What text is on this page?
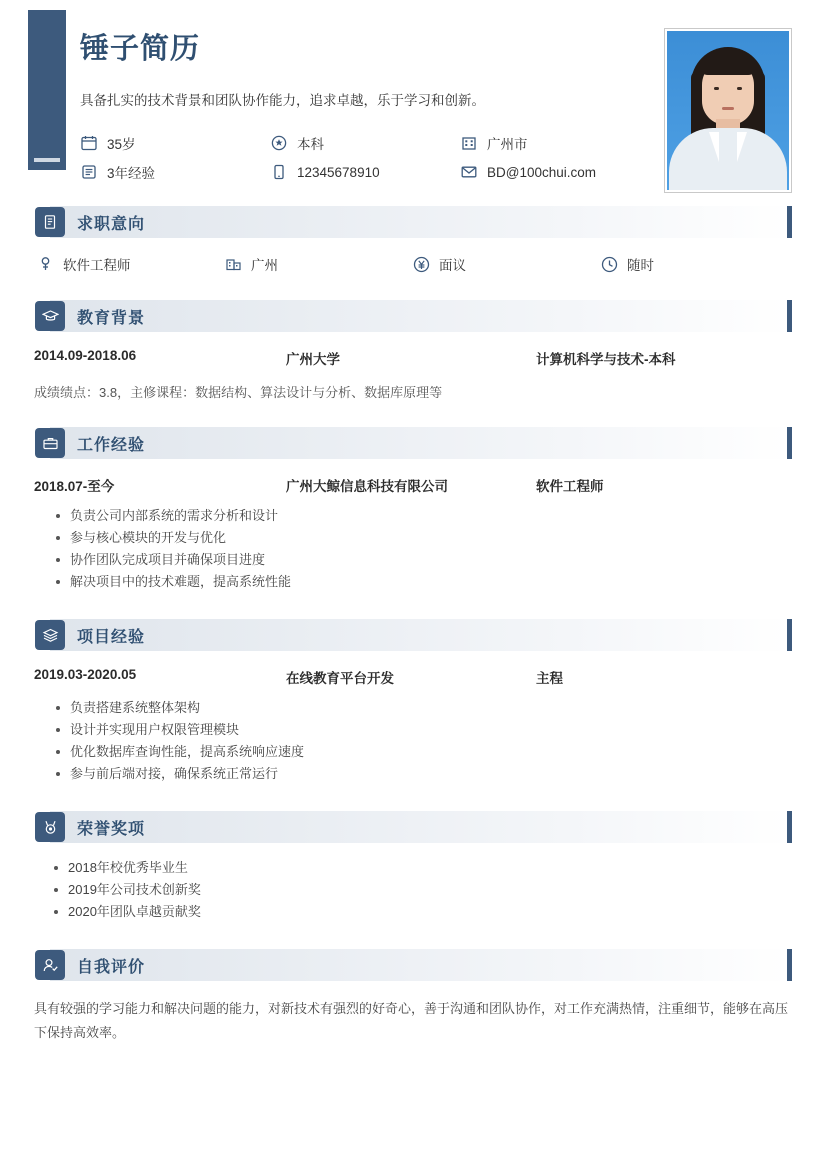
锤子简历
具备扎实的技术背景和团队协作能力，追求卓越，乐于学习和创新。
35岁	本科	广州市
3年经验	12345678910	BD@100chui.com
求职意向
软件工程师	广州	面议	随时
教育背景
2014.09-2018.06	广州大学	计算机科学与技术-本科
成绩绩点：3.8，主修课程：数据结构、算法设计与分析、数据库原理等
工作经验
2018.07-至今	广州大鲸信息科技有限公司	软件工程师
负责公司内部系统的需求分析和设计
参与核心模块的开发与优化
协作团队完成项目并确保项目进度
解决项目中的技术难题，提高系统性能
项目经验
2019.03-2020.05	在线教育平台开发	主程
负责搭建系统整体架构
设计并实现用户权限管理模块
优化数据库查询性能，提高系统响应速度
参与前后端对接，确保系统正常运行
荣誉奖项
2018年校优秀毕业生
2019年公司技术创新奖
2020年团队卓越贡献奖
自我评价
具有较强的学习能力和解决问题的能力，对新技术有强烈的好奇心，善于沟通和团队协作，对工作充满热情，注重细节，能够在高压下保持高效率。
